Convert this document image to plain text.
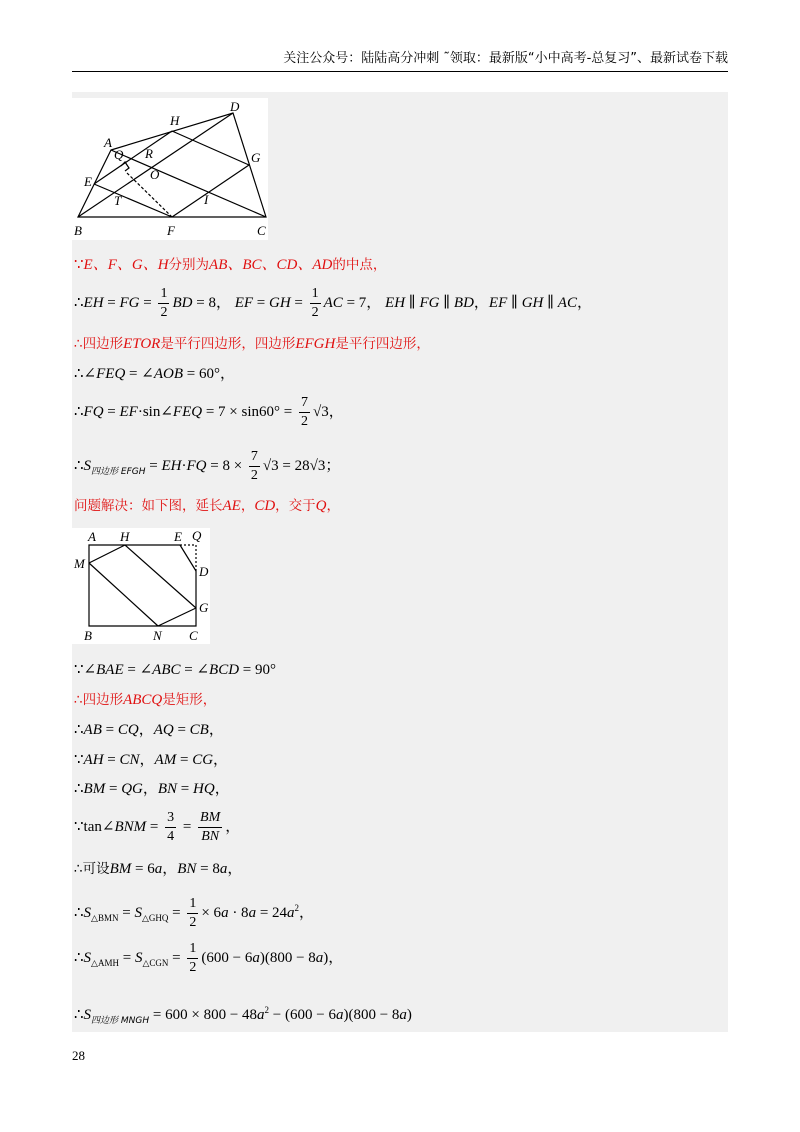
关注公众号：陆陆高分冲刺 ˜领取：最新版“小中高考-总复习”、最新试卷下载
D
H
A
Q R	G
E	O
T	I
B	F	C
∵E、F、G、H分别为AB、BC、CD、AD的中点，
∴EH = FG = $\frac{1}{2}$ BD = 8， EF = GH = $\frac{1}{2}$ AC = 7， EH ∥ FG ∥ BD，EF ∥ GH ∥ AC，
∴四边形ETOR是平行四边形，四边形EFGH是平行四边形，
∴∠FEQ = ∠AOB = 60°，
∴FQ = EF·sin∠FEQ = $7 \times \sin 60^\circ = \frac{7}{2} √3$，
$\therefore S_{四边形 EFGH} = EH\cdot FQ = 8 \times \frac{7}{2} √3 = 28√3$；
问题解决：如下图，延长AE，CD，交于Q，
A H	E Q
M
D
G
B	N C
∵∠BAE = ∠ABC = ∠BCD = 90°
∴四边形ABCQ是矩形，
∴AB = CQ，AQ = CB，
∵AH = CN，AM = CG，
∴BM = QG，BN = HQ，
∵tan∠BNM = $\frac{3}{4} = \frac{BM}{BN}$ ，
∴可设BM = 6a，BN = 8a，
$\therefore S_{\triangle BMN} = S_{\triangle GHQ} = \frac{1}{2} \times 6a \cdot 8a = 24a^2$，
$\therefore S_{\triangle AMH} = S_{\triangle CGN} = \frac{1}{2} (600 - 6a)(800 - 8a)$，
$\therefore S_{四边形 MNGH} = 600 \times 800 - 48a^2 - (600 - 6a)(800 - 8a)$
28
